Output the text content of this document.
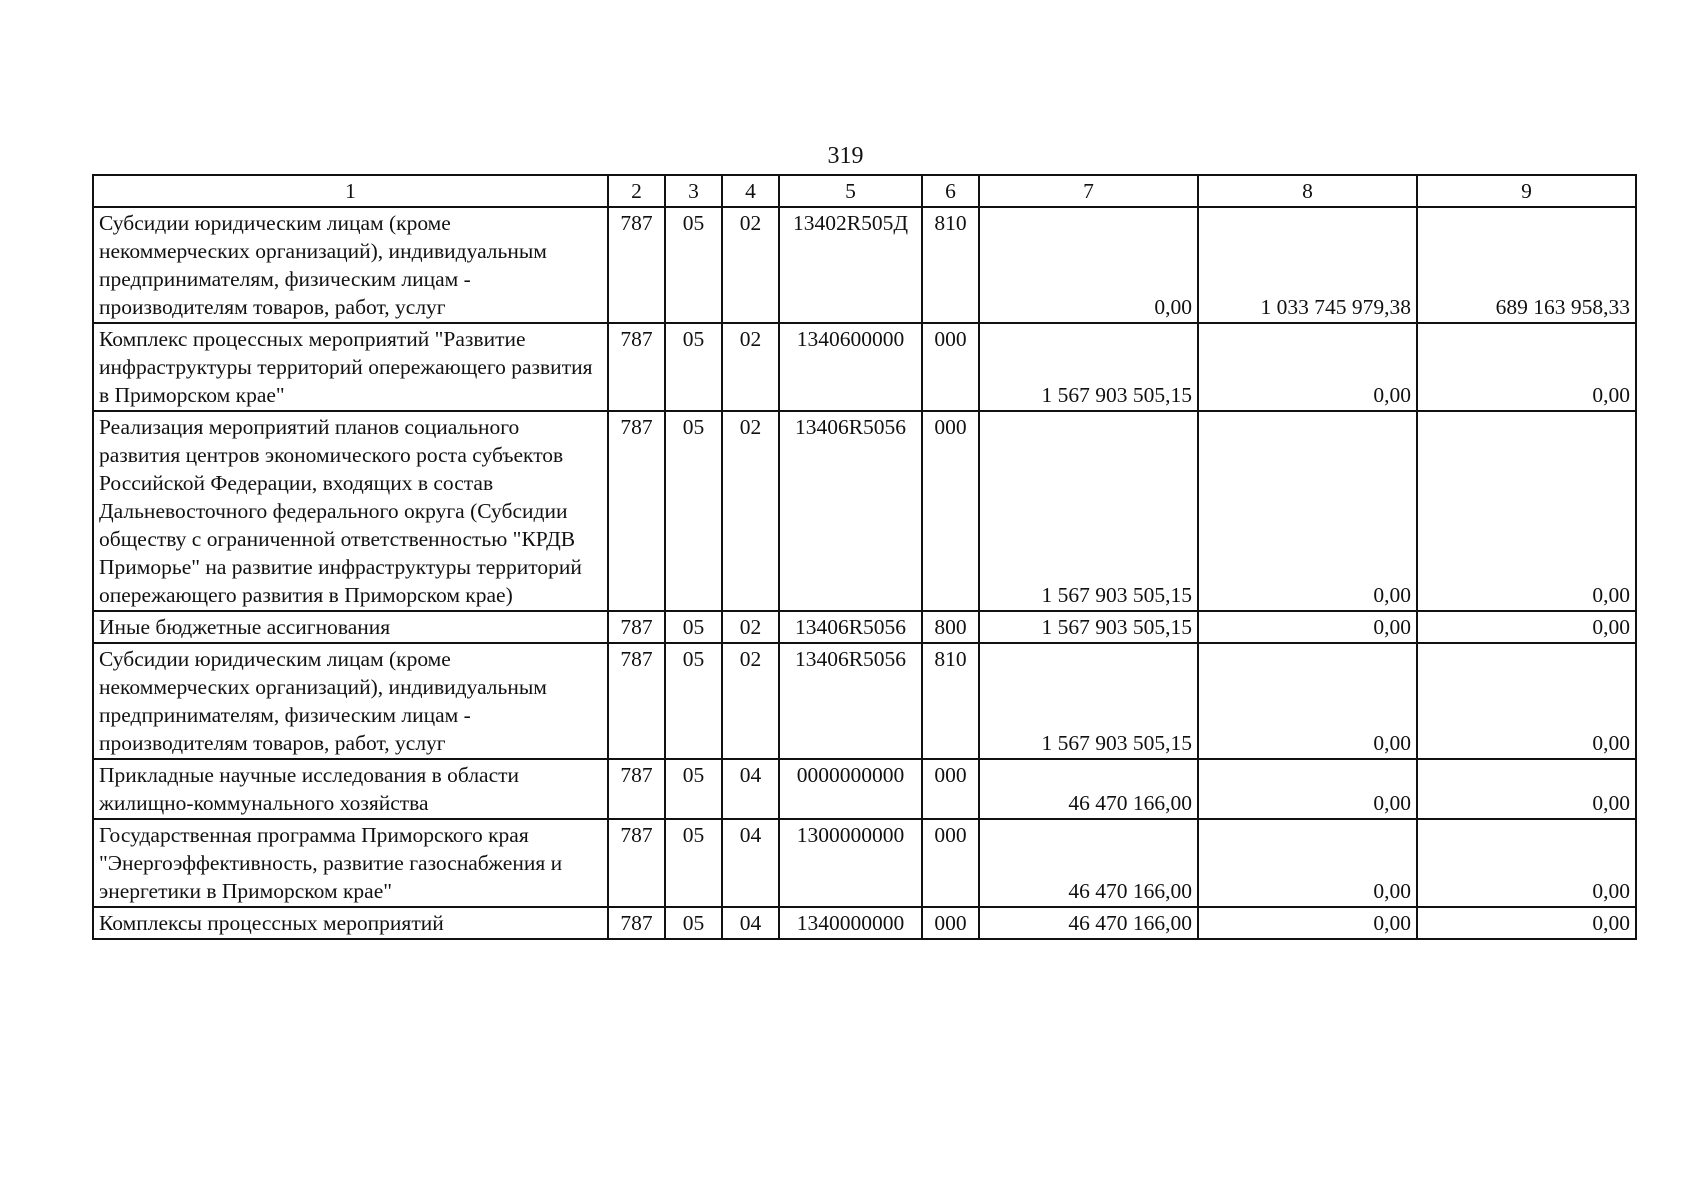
319
1	2	3	4	5	6	7	8	9
Субсидии юридическим лицам (кроме некоммерческих организаций), индивидуальным предпринимателям, физическим лицам - производителям товаров, работ, услуг	787	05	02	13402R505Д	810	0,00	1 033 745 979,38	689 163 958,33
Комплекс процессных мероприятий "Развитие инфраструктуры территорий опережающего развития в Приморском крае"	787	05	02	1340600000	000	1 567 903 505,15	0,00	0,00
Реализация мероприятий планов социального развития центров экономического роста субъектов Российской Федерации, входящих в состав Дальневосточного федерального округа (Субсидии обществу с ограниченной ответственностью "КРДВ Приморье" на развитие инфраструктуры территорий опережающего развития в Приморском крае)	787	05	02	13406R5056	000	1 567 903 505,15	0,00	0,00
Иные бюджетные ассигнования	787	05	02	13406R5056	800	1 567 903 505,15	0,00	0,00
Субсидии юридическим лицам (кроме некоммерческих организаций), индивидуальным предпринимателям, физическим лицам - производителям товаров, работ, услуг	787	05	02	13406R5056	810	1 567 903 505,15	0,00	0,00
Прикладные научные исследования в области жилищно-коммунального хозяйства	787	05	04	0000000000	000	46 470 166,00	0,00	0,00
Государственная программа Приморского края "Энергоэффективность, развитие газоснабжения и энергетики в Приморском крае"	787	05	04	1300000000	000	46 470 166,00	0,00	0,00
Комплексы процессных мероприятий	787	05	04	1340000000	000	46 470 166,00	0,00	0,00
